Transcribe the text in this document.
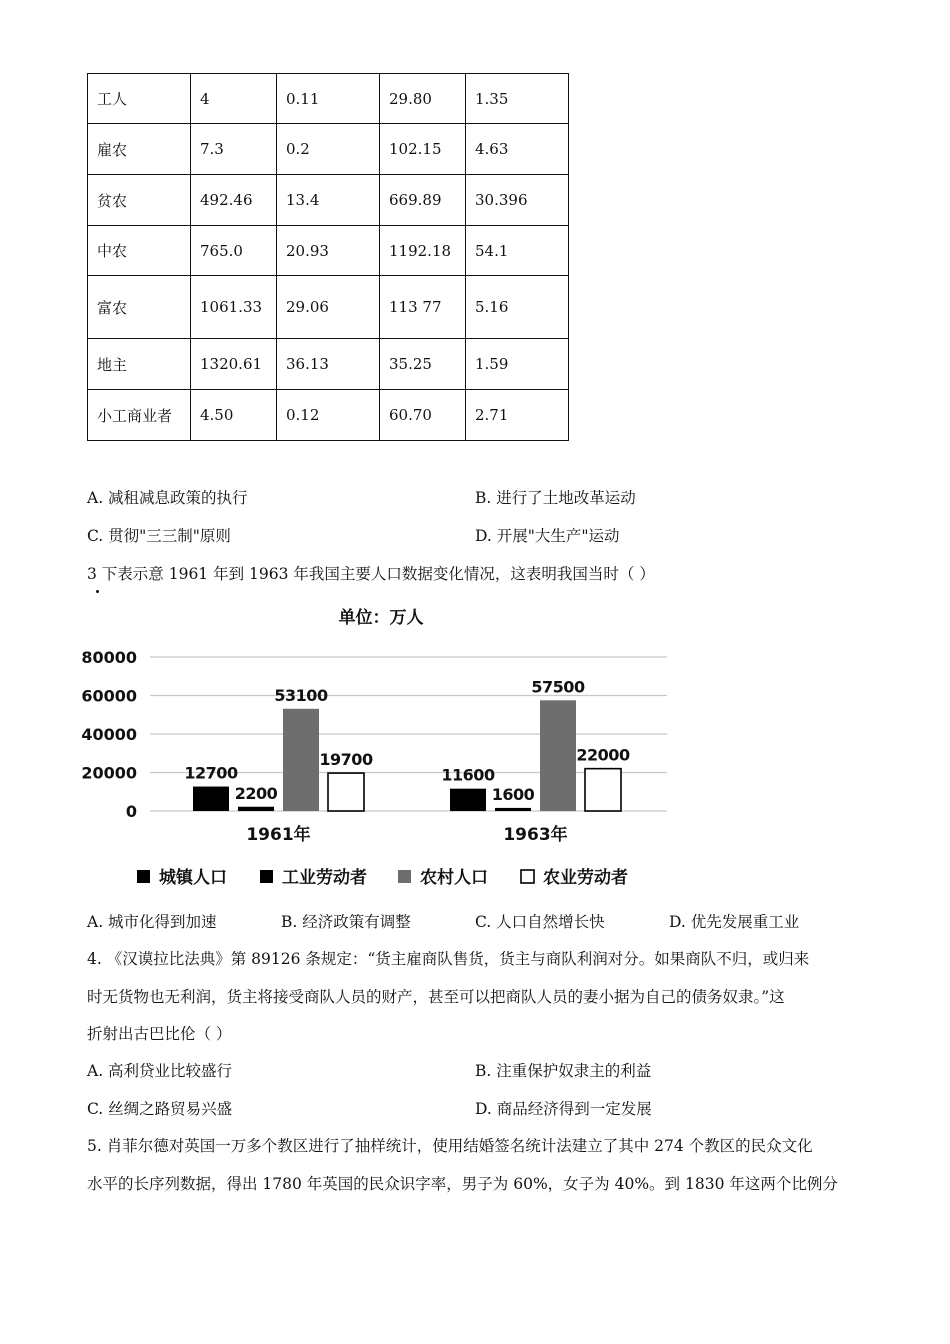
工人	4	0.11	29.80	1.35
雇农	7.3	0.2	102.15	4.63
贫农	492.46	13.4	669.89	30.396
中农	765.0	20.93	1192.18	54.1
富农	1061.33	29.06	113 77	5.16
地主	1320.61	36.13	35.25	1.59
小工商业者	4.50	0.12	60.70	2.71
A. 减租减息政策的执行	B. 进行了土地改革运动
C. 贯彻"三三制"原则	D. 开展"大生产"运动
3 下表示意 1961 年到 1963 年我国主要人口数据变化情况，这表明我国当时（ ）
单位：万人
80000
60000
40000
20000
0
12700
2200
53100
19700
11600
1600
57500
22000
1961年	1963年
城镇人口	工业劳动者	农村人口	农业劳动者
A. 城市化得到加速	B. 经济政策有调整	C. 人口自然增长快	D. 优先发展重工业
4. 《汉谟拉比法典》第 89126 条规定：“货主雇商队售货，货主与商队利润对分。如果商队不归，或归来
时无货物也无利润，货主将接受商队人员的财产，甚至可以把商队人员的妻小据为自己的债务奴隶。”这
折射出古巴比伦（ ）
A. 高利贷业比较盛行	B. 注重保护奴隶主的利益
C. 丝绸之路贸易兴盛	D. 商品经济得到一定发展
5. 肖菲尔德对英国一万多个教区进行了抽样统计，使用结婚签名统计法建立了其中 274 个教区的民众文化
水平的长序列数据，得出 1780 年英国的民众识字率，男子为 60%，女子为 40%。到 1830 年这两个比例分
